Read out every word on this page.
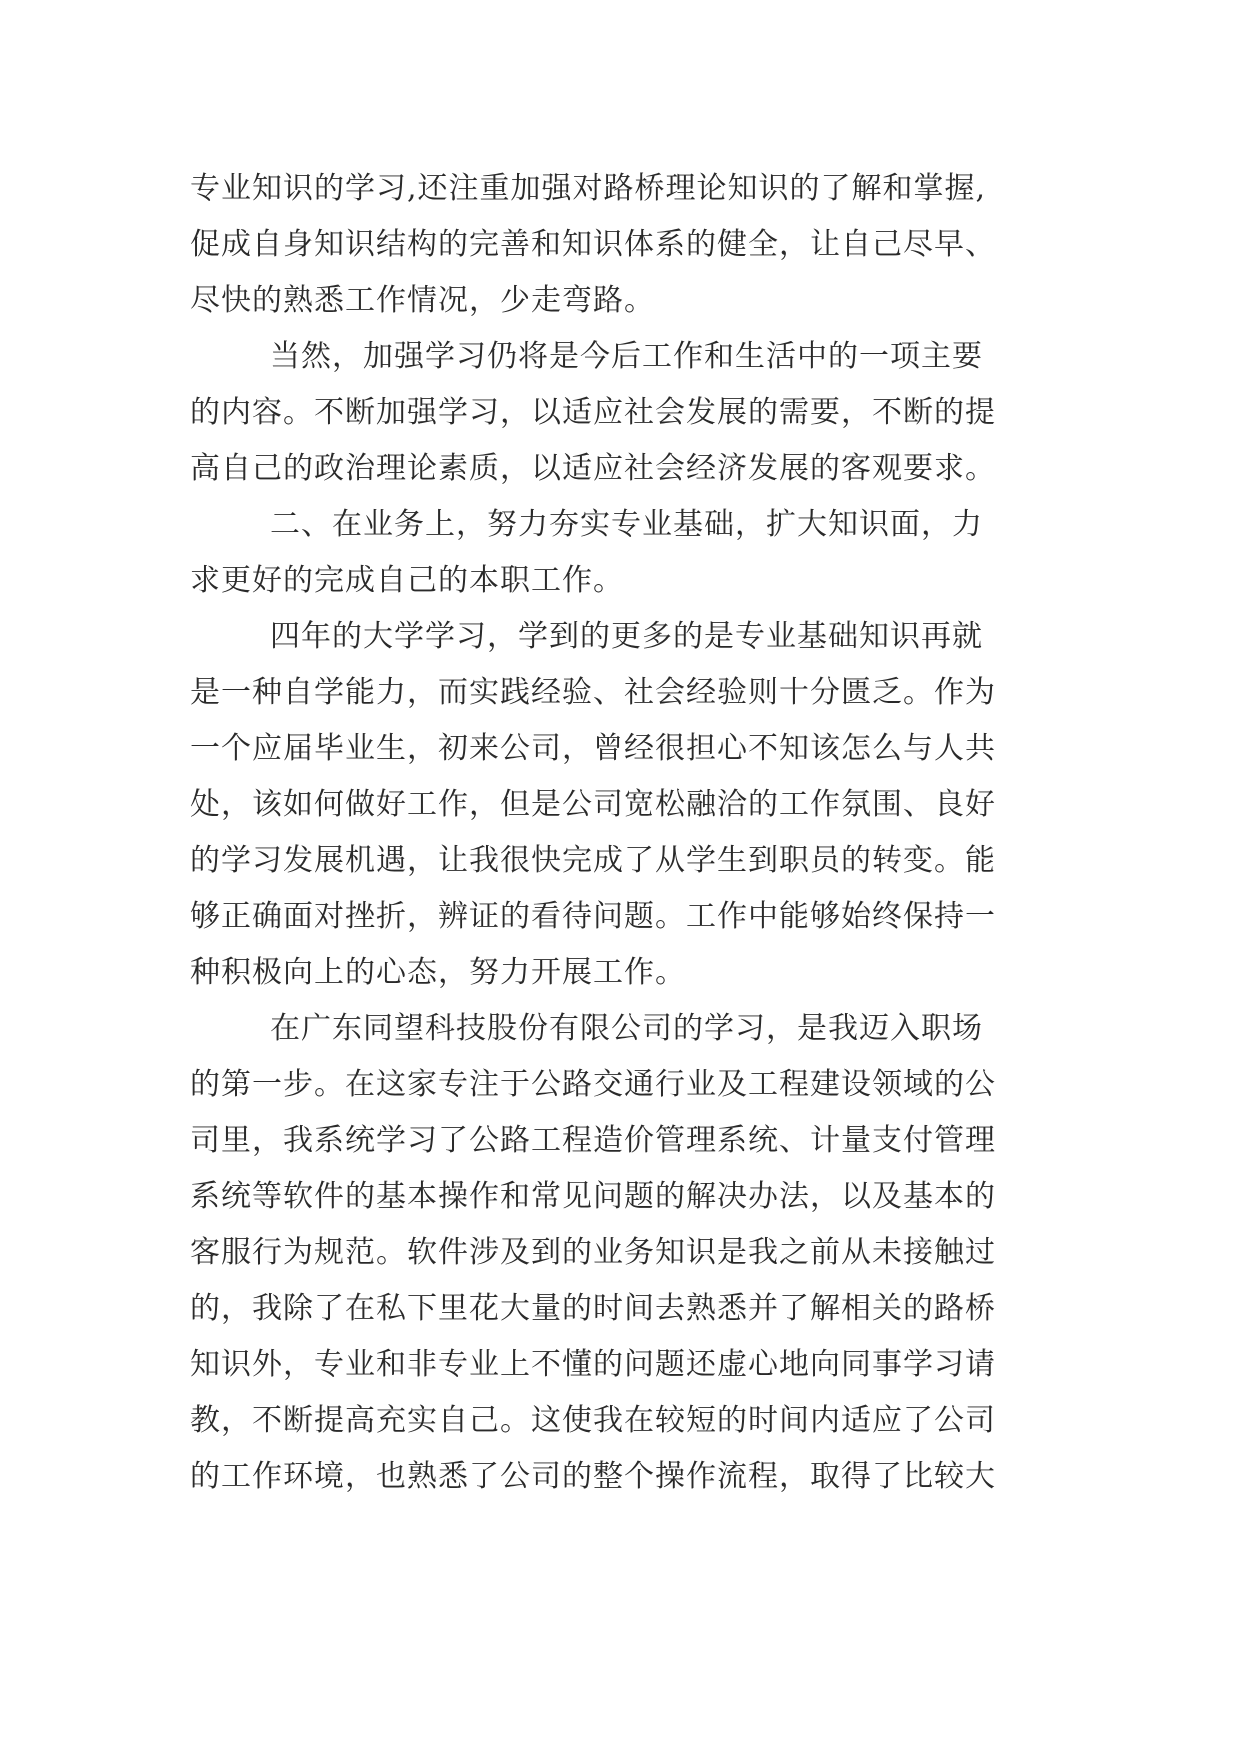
专业知识的学习,还注重加强对路桥理论知识的了解和掌握,
促成自身知识结构的完善和知识体系的健全，让自己尽早、
尽快的熟悉工作情况，少走弯路。
当然，加强学习仍将是今后工作和生活中的一项主要
的内容。不断加强学习，以适应社会发展的需要，不断的提
高自己的政治理论素质，以适应社会经济发展的客观要求。
二、在业务上，努力夯实专业基础，扩大知识面，力
求更好的完成自己的本职工作。
四年的大学学习，学到的更多的是专业基础知识再就
是一种自学能力，而实践经验、社会经验则十分匮乏。作为
一个应届毕业生，初来公司，曾经很担心不知该怎么与人共
处，该如何做好工作，但是公司宽松融洽的工作氛围、良好
的学习发展机遇，让我很快完成了从学生到职员的转变。能
够正确面对挫折，辨证的看待问题。工作中能够始终保持一
种积极向上的心态，努力开展工作。
在广东同望科技股份有限公司的学习，是我迈入职场
的第一步。在这家专注于公路交通行业及工程建设领域的公
司里，我系统学习了公路工程造价管理系统、计量支付管理
系统等软件的基本操作和常见问题的解决办法，以及基本的
客服行为规范。软件涉及到的业务知识是我之前从未接触过
的，我除了在私下里花大量的时间去熟悉并了解相关的路桥
知识外，专业和非专业上不懂的问题还虚心地向同事学习请
教，不断提高充实自己。这使我在较短的时间内适应了公司
的工作环境，也熟悉了公司的整个操作流程，取得了比较大
